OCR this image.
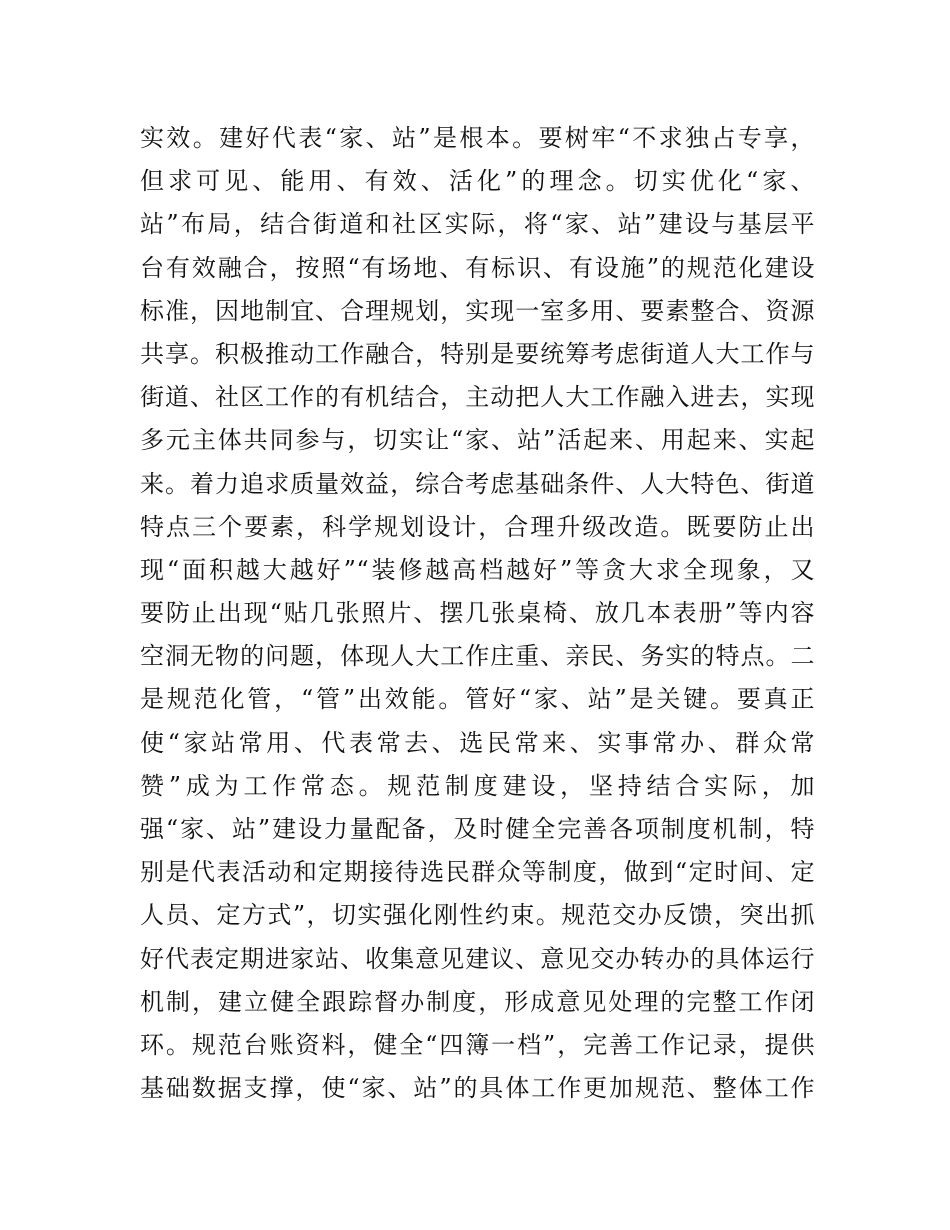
实效。建好代表“家、站”是根本。要树牢“不求独占专享，
但求可见、能用、有效、活化”的理念。切实优化“家、
站”布局，结合街道和社区实际，将“家、站”建设与基层平
台有效融合，按照“有场地、有标识、有设施”的规范化建设
标准，因地制宜、合理规划，实现一室多用、要素整合、资源
共享。积极推动工作融合，特别是要统筹考虑街道人大工作与
街道、社区工作的有机结合，主动把人大工作融入进去，实现
多元主体共同参与，切实让“家、站”活起来、用起来、实起
来。着力追求质量效益，综合考虑基础条件、人大特色、街道
特点三个要素，科学规划设计，合理升级改造。既要防止出
现“面积越大越好”“装修越高档越好”等贪大求全现象，又
要防止出现“贴几张照片、摆几张桌椅、放几本表册”等内容
空洞无物的问题，体现人大工作庄重、亲民、务实的特点。二
是规范化管，“管”出效能。管好“家、站”是关键。要真正
使“家站常用、代表常去、选民常来、实事常办、群众常
赞”成为工作常态。规范制度建设，坚持结合实际，加
强“家、站”建设力量配备，及时健全完善各项制度机制，特
别是代表活动和定期接待选民群众等制度，做到“定时间、定
人员、定方式”，切实强化刚性约束。规范交办反馈，突出抓
好代表定期进家站、收集意见建议、意见交办转办的具体运行
机制，建立健全跟踪督办制度，形成意见处理的完整工作闭
环。规范台账资料，健全“四簿一档”，完善工作记录，提供
基础数据支撑，使“家、站”的具体工作更加规范、整体工作
